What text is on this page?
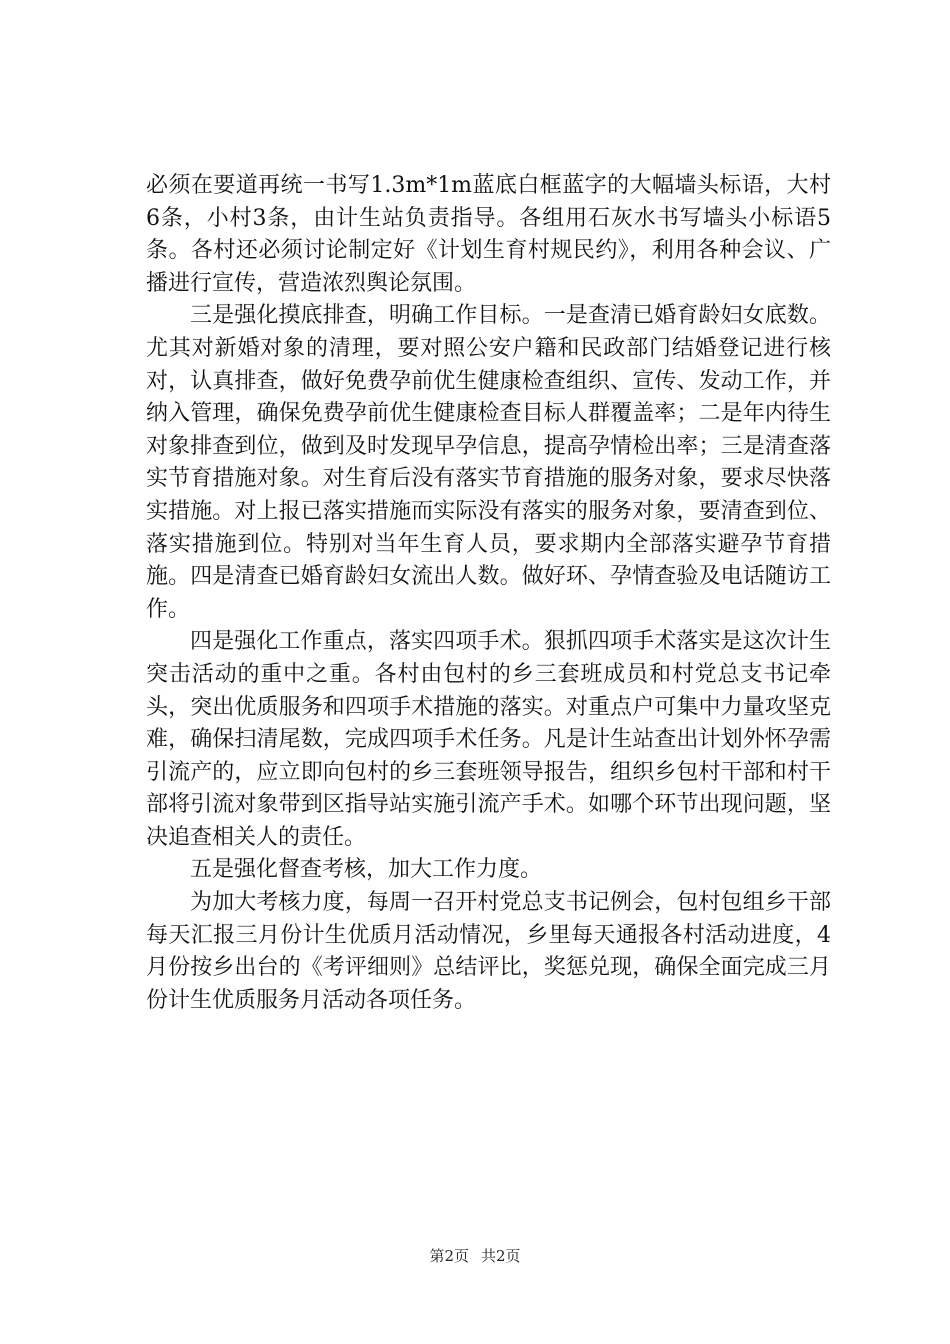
必须在要道再统一书写1.3m*1m蓝底白框蓝字的大幅墙头标语，大村6条，小村3条，由计生站负责指导。各组用石灰水书写墙头小标语5条。各村还必须讨论制定好《计划生育村规民约》，利用各种会议、广播进行宣传，营造浓烈舆论氛围。

三是强化摸底排查，明确工作目标。一是查清已婚育龄妇女底数。尤其对新婚对象的清理，要对照公安户籍和民政部门结婚登记进行核对，认真排查，做好免费孕前优生健康检查组织、宣传、发动工作，并纳入管理，确保免费孕前优生健康检查目标人群覆盖率；二是年内待生对象排查到位，做到及时发现早孕信息，提高孕情检出率；三是清查落实节育措施对象。对生育后没有落实节育措施的服务对象，要求尽快落实措施。对上报已落实措施而实际没有落实的服务对象，要清查到位、落实措施到位。特别对当年生育人员，要求期内全部落实避孕节育措施。四是清查已婚育龄妇女流出人数。做好环、孕情查验及电话随访工作。

四是强化工作重点，落实四项手术。狠抓四项手术落实是这次计生突击活动的重中之重。各村由包村的乡三套班成员和村党总支书记牵头，突出优质服务和四项手术措施的落实。对重点户可集中力量攻坚克难，确保扫清尾数，完成四项手术任务。凡是计生站查出计划外怀孕需引流产的，应立即向包村的乡三套班领导报告，组织乡包村干部和村干部将引流对象带到区指导站实施引流产手术。如哪个环节出现问题，坚决追查相关人的责任。

五是强化督查考核，加大工作力度。

为加大考核力度，每周一召开村党总支书记例会，包村包组乡干部每天汇报三月份计生优质月活动情况，乡里每天通报各村活动进度，4月份按乡出台的《考评细则》总结评比，奖惩兑现，确保全面完成三月份计生优质服务月活动各项任务。

第2页 共2页
